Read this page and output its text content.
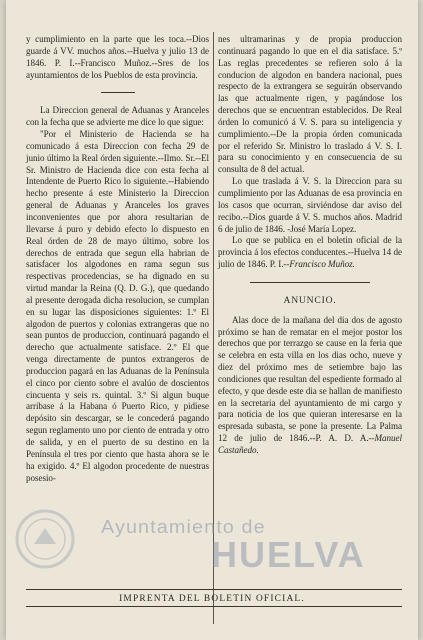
y cumplimiento en la parte que les toca.--Dios guarde á VV. muchos años.--Huelva y julio 13 de 1846. P. I.--Francisco Muñoz.--Sres de los ayuntamientos de los Pueblos de esta provincia.

La Direccion general de Aduanas y Aranceles con la fecha que se advierte me dice lo que sigue:

"Por el Ministerio de Hacienda se ha comunicado á esta Direccion con fecha 29 de junio último la Real órden siguiente.--Ilmo. Sr.--El Sr. Ministro de Hacienda dice con esta fecha al Intendente de Puerto Rico lo siguiente.--Habiendo hecho presente á este Ministerio la Direccion general de Aduanas y Aranceles los graves inconvenientes que por ahora resultarian de llevarse á puro y debido efecto lo dispuesto en Real órden de 28 de mayo último, sobre los derechos de entrada que segun ella habrian de satisfacer los algodones en rama segun sus respectivas procedencias, se ha dignado en su virtud mandar la Reina (Q. D. G.), que quedando al presente derogada dicha resolucion, se cumplan en su lugar las disposiciones siguientes: 1.º El algodon de puertos y colonias extrangeras que no sean puntos de produccion, continuará pagando el derecho que actualmente satisface. 2.º El que venga directamente de puntos extrangeros de produccion pagará en las Aduanas de la Península el cinco por ciento sobre el avalúo de doscientos cincuenta y seis rs. quintal. 3.º Si algun buque arribase á la Habana ó Puerto Rico, y pidiese depósito sin descargar, se le concederá pagando segun reglamento uno por ciento de entrada y otro de salida, y en el puerto de su destino en la Península el tres por ciento que hasta ahora se le ha exigido. 4.º El algodon procedente de nuestras posesio-

nes ultramarinas y de propia produccion continuará pagando lo que en el dia satisface. 5.º Las reglas precedentes se refieren solo á la conducion de algodon en bandera nacional, pues respecto de la extrangera se seguirán observando las que actualmente rigen, y pagándose los derechos que se encuentran establecidos. De Real órden lo comunicó á V. S. para su inteligencia y cumplimiento.--De la propia órden comunicada por el referido Sr. Ministro lo traslado á V. S. I. para su conocimiento y en consecuencia de su consulta de 8 del actual.

Lo que traslada á V. S. la Direccion para su cumplimiento por las Aduanas de esa provincia en los casos que ocurran, sirviéndose dar aviso del recibo.--Dios guarde á V. S. muchos años. Madrid 6 de julio de 1846. -José María Lopez.

Lo que se publica en el boletin oficial de la provincia á los efectos conducentes.--Huelva 14 de julio de 1846. P. I.--Francisco Muñoz.

ANUNCIO.

Alas doce de la mañana del dia dos de agosto próximo se han de rematar en el mejor postor los derechos que por terrazgo se cause en la feria que se celebra en esta villa en los dias ocho, nueve y diez del próximo mes de setiembre bajo las condiciones que resultan del espediente formado al efecto, y que desde este dia se hallan de manifiesto en la secretaria del ayuntamiento de mi cargo y para noticia de los que quieran interesarse en la espresada subasta, se pone la presente. La Palma 12 de julio de 1846.--P. A. D. A.--Manuel Castañedo.

Ayuntamiento de
HUELVA
IMPRENTA DEL BOLETIN OFICIAL.
